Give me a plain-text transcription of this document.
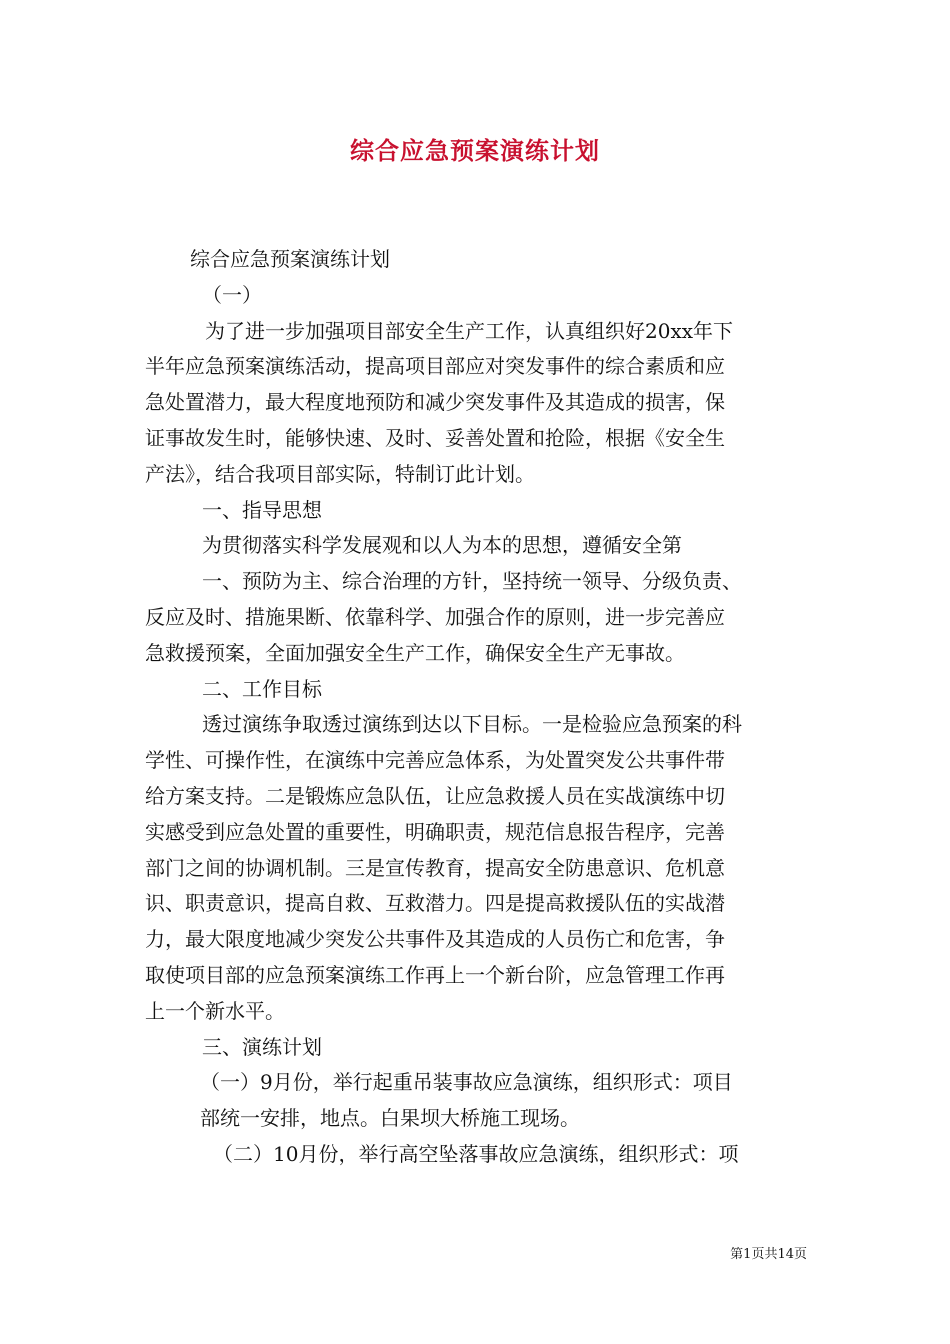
综合应急预案演练计划

综合应急预案演练计划

（一）

为了进一步加强项目部安全生产工作，认真组织好20xx年下

半年应急预案演练活动，提高项目部应对突发事件的综合素质和应

急处置潜力，最大程度地预防和减少突发事件及其造成的损害，保

证事故发生时，能够快速、及时、妥善处置和抢险，根据《安全生

产法》，结合我项目部实际，特制订此计划。

一、指导思想

为贯彻落实科学发展观和以人为本的思想，遵循安全第

一、预防为主、综合治理的方针，坚持统一领导、分级负责、

反应及时、措施果断、依靠科学、加强合作的原则，进一步完善应

急救援预案，全面加强安全生产工作，确保安全生产无事故。

二、工作目标

透过演练争取透过演练到达以下目标。一是检验应急预案的科

学性、可操作性，在演练中完善应急体系，为处置突发公共事件带

给方案支持。二是锻炼应急队伍，让应急救援人员在实战演练中切

实感受到应急处置的重要性，明确职责，规范信息报告程序，完善

部门之间的协调机制。三是宣传教育，提高安全防患意识、危机意

识、职责意识，提高自救、互救潜力。四是提高救援队伍的实战潜

力，最大限度地减少突发公共事件及其造成的人员伤亡和危害，争

取使项目部的应急预案演练工作再上一个新台阶，应急管理工作再

上一个新水平。

三、演练计划

（一）9月份，举行起重吊装事故应急演练，组织形式：项目

部统一安排，地点。白果坝大桥施工现场。

（二）10月份，举行高空坠落事故应急演练，组织形式：项

第1页共14页
